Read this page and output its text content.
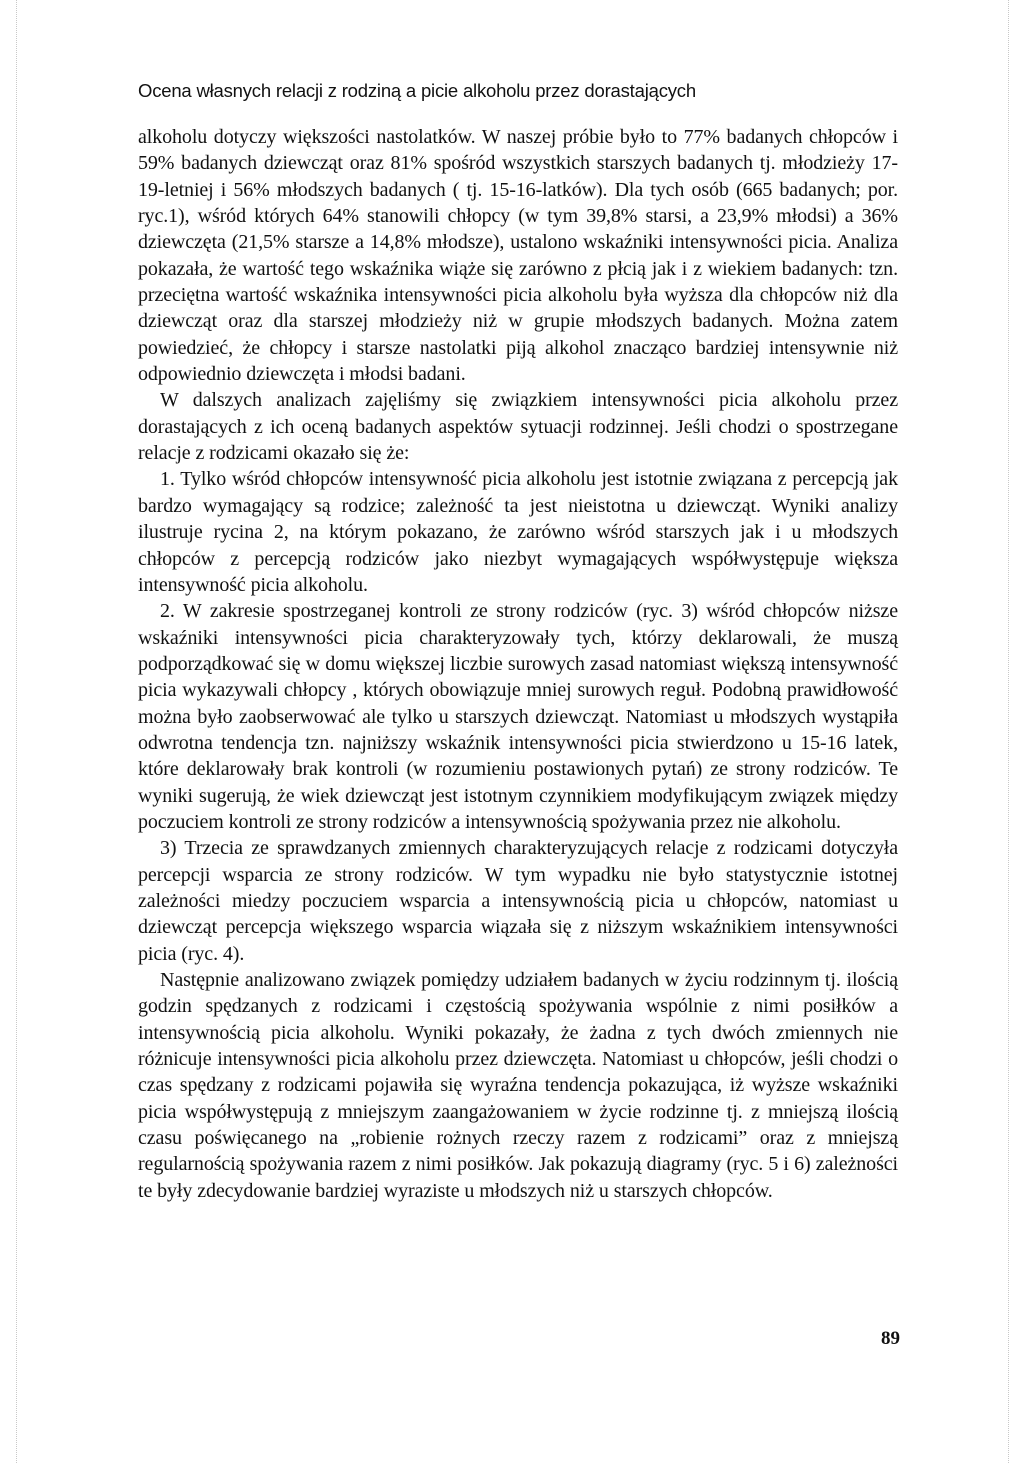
Ocena własnych relacji z rodziną a picie alkoholu przez dorastających

alkoholu dotyczy większości nastolatków. W naszej próbie było to 77% badanych chłopców i 59% badanych dziewcząt oraz 81% spośród wszystkich starszych badanych tj. młodzieży 17-19-letniej i 56% młodszych badanych ( tj. 15-16-latków). Dla tych osób (665 badanych; por. ryc.1), wśród których 64% stanowili chłopcy (w tym 39,8% starsi, a 23,9% młodsi) a 36% dziewczęta (21,5% starsze a 14,8% młodsze), ustalono wskaźniki intensywności picia. Analiza pokazała, że wartość tego wskaźnika wiąże się zarówno z płcią jak i z wiekiem badanych: tzn. przeciętna wartość wskaźnika intensywności picia alkoholu była wyższa dla chłopców niż dla dziewcząt oraz dla starszej młodzieży niż w grupie młodszych badanych. Można zatem powiedzieć, że chłopcy i starsze nastolatki piją alkohol znacząco bardziej intensywnie niż odpowiednio dziewczęta i młodsi badani.

W dalszych analizach zajęliśmy się związkiem intensywności picia alkoholu przez dorastających z ich oceną badanych aspektów sytuacji rodzinnej. Jeśli chodzi o spostrzegane relacje z rodzicami okazało się że:

1. Tylko wśród chłopców intensywność picia alkoholu jest istotnie związana z percepcją jak bardzo wymagający są rodzice; zależność ta jest nieistotna u dziewcząt. Wyniki analizy ilustruje rycina 2, na którym pokazano, że zarówno wśród starszych jak i u młodszych chłopców z percepcją rodziców jako niezbyt wymagających współwystępuje większa intensywność picia alkoholu.

2. W zakresie spostrzeganej kontroli ze strony rodziców (ryc. 3) wśród chłopców niższe wskaźniki intensywności picia charakteryzowały tych, którzy deklarowali, że muszą podporządkować się w domu większej liczbie surowych zasad natomiast większą intensywność picia wykazywali chłopcy , których obowiązuje mniej surowych reguł. Podobną prawidłowość można było zaobserwować ale tylko u starszych dziewcząt. Natomiast u młodszych wystąpiła odwrotna tendencja tzn. najniższy wskaźnik intensywności picia stwierdzono u 15-16 latek, które deklarowały brak kontroli (w rozumieniu postawionych pytań) ze strony rodziców. Te wyniki sugerują, że wiek dziewcząt jest istotnym czynnikiem modyfikującym związek między poczuciem kontroli ze strony rodziców a intensywnością spożywania przez nie alkoholu.

3) Trzecia ze sprawdzanych zmiennych charakteryzujących relacje z rodzicami dotyczyła percepcji wsparcia ze strony rodziców. W tym wypadku nie było statystycznie istotnej zależności miedzy poczuciem wsparcia a intensywnością picia u chłopców, natomiast u dziewcząt percepcja większego wsparcia wiązała się z niższym wskaźnikiem intensywności picia (ryc. 4).

Następnie analizowano związek pomiędzy udziałem badanych w życiu rodzinnym tj. ilością godzin spędzanych z rodzicami i częstością spożywania wspólnie z nimi posiłków a intensywnością picia alkoholu. Wyniki pokazały, że żadna z tych dwóch zmiennych nie różnicuje intensywności picia alkoholu przez dziewczęta. Natomiast u chłopców, jeśli chodzi o czas spędzany z rodzicami pojawiła się wyraźna tendencja pokazująca, iż wyższe wskaźniki picia współwystępują z mniejszym zaangażowaniem w życie rodzinne tj. z mniejszą ilością czasu poświęcanego na „robienie rożnych rzeczy razem z rodzicami” oraz z mniejszą regularnością spożywania razem z nimi posiłków. Jak pokazują diagramy (ryc. 5 i 6) zależności te były zdecydowanie bardziej wyraziste u młodszych niż u starszych chłopców.

89
